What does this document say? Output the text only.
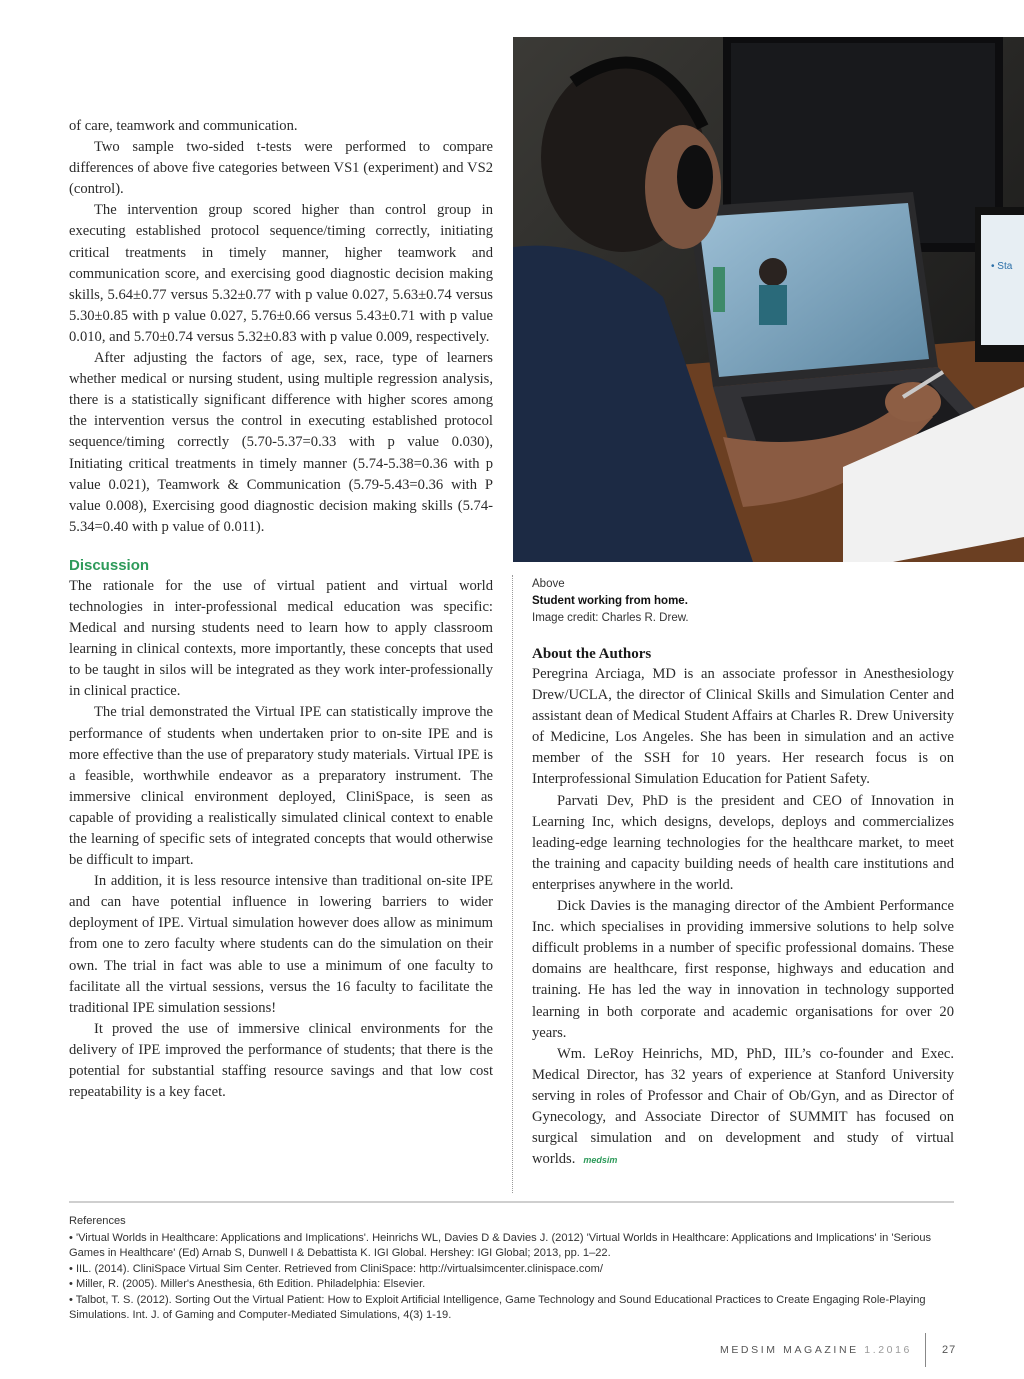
of care, teamwork and communication.

Two sample two-sided t-tests were performed to compare differences of above five categories between VS1 (experiment) and VS2 (control).

The intervention group scored higher than control group in executing established protocol sequence/timing correctly, initiating critical treatments in timely manner, higher teamwork and communication score, and exercising good diagnostic decision making skills, 5.64±0.77 versus 5.32±0.77 with p value 0.027, 5.63±0.74 versus 5.30±0.85 with p value 0.027, 5.76±0.66 versus 5.43±0.71 with p value 0.010, and 5.70±0.74 versus 5.32±0.83 with p value 0.009, respectively.

After adjusting the factors of age, sex, race, type of learners whether medical or nursing student, using multiple regression analysis, there is a statistically significant difference with higher scores among the intervention versus the control in executing established protocol sequence/timing correctly (5.70-5.37=0.33 with p value 0.030), Initiating critical treatments in timely manner (5.74-5.38=0.36 with p value 0.021), Teamwork & Communication (5.79-5.43=0.36 with P value 0.008), Exercising good diagnostic decision making skills (5.74-5.34=0.40 with p value of 0.011).

Discussion

The rationale for the use of virtual patient and virtual world technologies in inter-professional medical education was specific: Medical and nursing students need to learn how to apply classroom learning in clinical contexts, more importantly, these concepts that used to be taught in silos will be integrated as they work inter-professionally in clinical practice.

The trial demonstrated the Virtual IPE can statistically improve the performance of students when undertaken prior to on-site IPE and is more effective than the use of preparatory study materials. Virtual IPE is a feasible, worthwhile endeavor as a preparatory instrument. The immersive clinical environment deployed, CliniSpace, is seen as capable of providing a realistically simulated clinical context to enable the learning of specific sets of integrated concepts that would otherwise be difficult to impart.

In addition, it is less resource intensive than traditional on-site IPE and can have potential influence in lowering barriers to wider deployment of IPE. Virtual simulation however does allow as minimum from one to zero faculty where students can do the simulation on their own. The trial in fact was able to use a minimum of one faculty to facilitate all the virtual sessions, versus the 16 faculty to facilitate the traditional IPE simulation sessions!

It proved the use of immersive clinical environments for the delivery of IPE improved the performance of students; that there is the potential for substantial staffing resource savings and that low cost repeatability is a key facet.

• Sta
Above
Student working from home.
Image credit: Charles R. Drew.
About the Authors

Peregrina Arciaga, MD is an associate professor in Anesthesiology Drew/UCLA, the director of Clinical Skills and Simulation Center and assistant dean of Medical Student Affairs at Charles R. Drew University of Medicine, Los Angeles. She has been in simulation and an active member of the SSH for 10 years. Her research focus is on Interprofessional Simulation Education for Patient Safety.

Parvati Dev, PhD is the president and CEO of Innovation in Learning Inc, which designs, develops, deploys and commercializes leading-edge learning technologies for the healthcare market, to meet the training and capacity building needs of health care institutions and enterprises anywhere in the world.

Dick Davies is the managing director of the Ambient Performance Inc. which specialises in providing immersive solutions to help solve difficult problems in a number of specific professional domains. These domains are healthcare, first response, highways and education and training. He has led the way in innovation in technology supported learning in both corporate and academic organisations for over 20 years.

Wm. LeRoy Heinrichs, MD, PhD, IIL’s co-founder and Exec. Medical Director, has 32 years of experience at Stanford University serving in roles of Professor and Chair of Ob/Gyn, and as Director of Gynecology, and Associate Director of SUMMIT has focused on surgical simulation and on development and study of virtual worlds. medsim

References
• 'Virtual Worlds in Healthcare: Applications and Implications'. Heinrichs WL, Davies D & Davies J. (2012) 'Virtual Worlds in Healthcare: Applications and Implications' in 'Serious Games in Healthcare' (Ed) Arnab S, Dunwell I & Debattista K. IGI Global. Hershey: IGI Global; 2013, pp. 1–22.
• IIL. (2014). CliniSpace Virtual Sim Center. Retrieved from CliniSpace: http://virtualsimcenter.clinispace.com/
• Miller, R. (2005). Miller's Anesthesia, 6th Edition. Philadelphia: Elsevier.
• Talbot, T. S. (2012). Sorting Out the Virtual Patient: How to Exploit Artificial Intelligence, Game Technology and Sound Educational Practices to Create Engaging Role-Playing Simulations. Int. J. of Gaming and Computer-Mediated Simulations, 4(3) 1-19.
MEDSIM MAGAZINE 1.2016	27
